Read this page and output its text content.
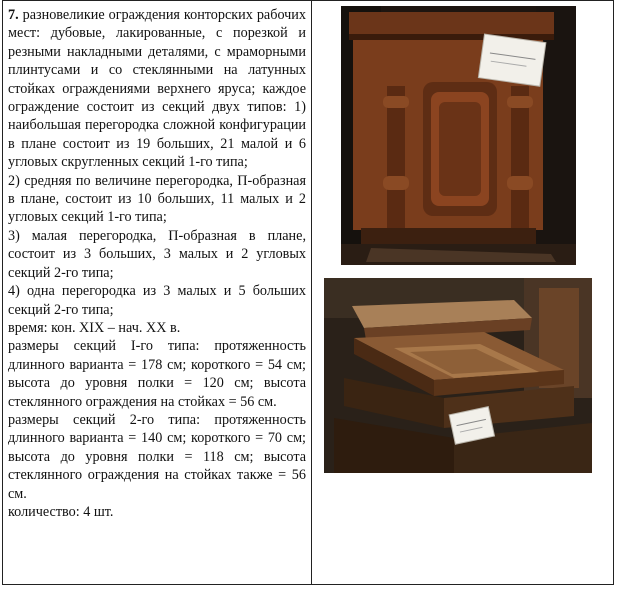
7. разновеликие ограждения конторских рабочих мест: дубовые, лакированные, с порезкой и резными накладными деталями, с мраморными плинтусами и со стеклянными на латунных стойках ограждениями верхнего яруса; каждое ограждение состоит из секций двух типов: 1) наибольшая перегородка сложной конфигурации в плане состоит из 19 больших, 21 малой и 6 угловых скругленных секций 1-го типа;

2) средняя по величине перегородка, П-образная в плане, состоит из 10 больших, 11 малых и 2 угловых секций 1-го типа;

3) малая перегородка, П-образная в плане, состоит из 3 больших, 3 малых и 2 угловых секций 2-го типа;

4) одна перегородка из 3 малых и 5 больших секций 2-го типа;

время: кон. XIX – нач. XX в.

размеры секций I-го типа: протяженность длинного варианта = 178 см; короткого = 54 см; высота до уровня полки = 120 см; высота стеклянного ограждения на стойках = 56 см.

размеры секций 2-го типа: протяженность длинного варианта = 140 см; короткого = 70 см; высота до уровня полки = 118 см; высота стеклянного ограждения на стойках также = 56 см.

количество: 4 шт.
